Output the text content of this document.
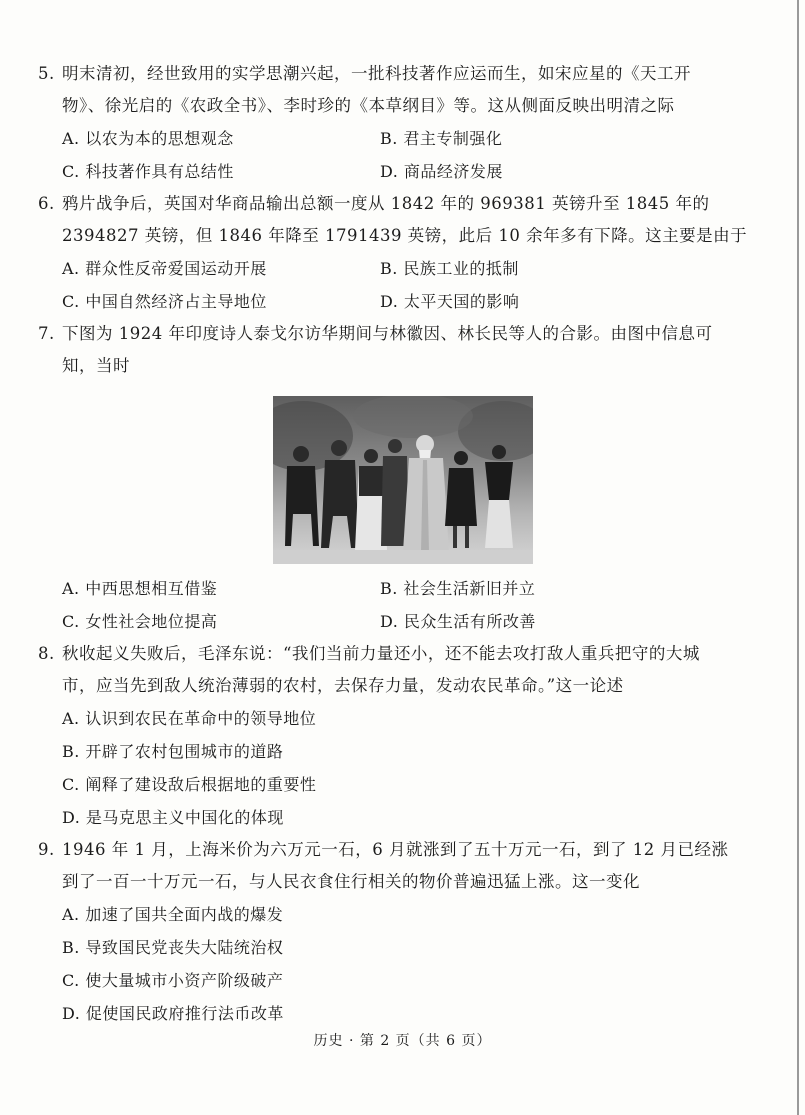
5. 明末清初，经世致用的实学思潮兴起，一批科技著作应运而生，如宋应星的《天工开
物》、徐光启的《农政全书》、李时珍的《本草纲目》等。这从侧面反映出明清之际
A. 以农为本的思想观念	B. 君主专制强化
C. 科技著作具有总结性	D. 商品经济发展
6. 鸦片战争后，英国对华商品输出总额一度从 1842 年的 969381 英镑升至 1845 年的
2394827 英镑，但 1846 年降至 1791439 英镑，此后 10 余年多有下降。这主要是由于
A. 群众性反帝爱国运动开展	B. 民族工业的抵制
C. 中国自然经济占主导地位	D. 太平天国的影响
7. 下图为 1924 年印度诗人泰戈尔访华期间与林徽因、林长民等人的合影。由图中信息可
知，当时
A. 中西思想相互借鉴	B. 社会生活新旧并立
C. 女性社会地位提高	D. 民众生活有所改善
8. 秋收起义失败后，毛泽东说：“我们当前力量还小，还不能去攻打敌人重兵把守的大城
市，应当先到敌人统治薄弱的农村，去保存力量，发动农民革命。”这一论述
A. 认识到农民在革命中的领导地位
B. 开辟了农村包围城市的道路
C. 阐释了建设敌后根据地的重要性
D. 是马克思主义中国化的体现
9. 1946 年 1 月，上海米价为六万元一石，6 月就涨到了五十万元一石，到了 12 月已经涨
到了一百一十万元一石，与人民衣食住行相关的物价普遍迅猛上涨。这一变化
A. 加速了国共全面内战的爆发
B. 导致国民党丧失大陆统治权
C. 使大量城市小资产阶级破产
D. 促使国民政府推行法币改革
历史 · 第 2 页（共 6 页）
